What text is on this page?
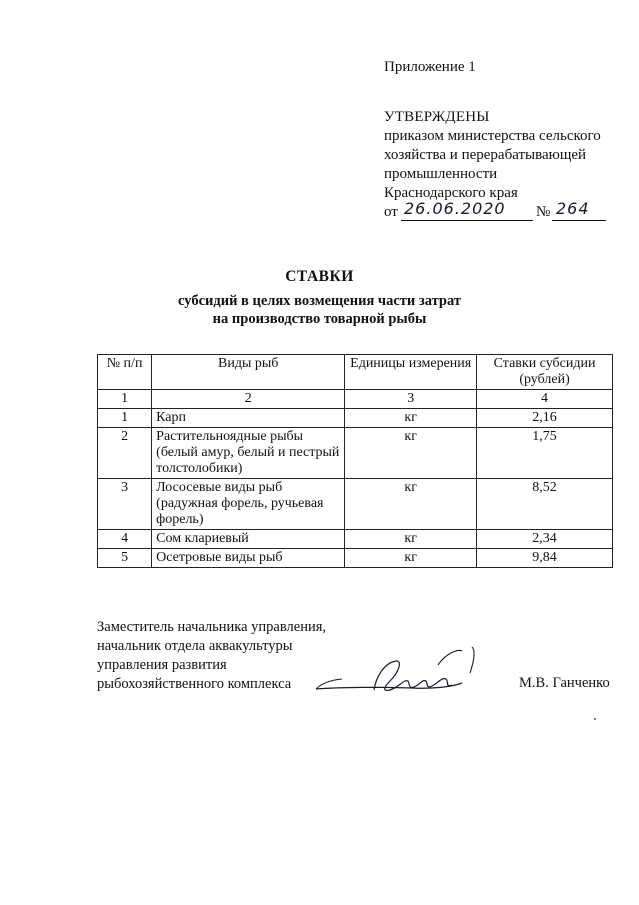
Приложение 1
УТВЕРЖДЕНЫ
приказом министерства сельского
хозяйства и перерабатывающей
промышленности
Краснодарского края
от 26.06.2020 № 264
СТАВКИ
субсидий в целях возмещения части затрат
на производство товарной рыбы
№ п/п	Виды рыб	Единицы измерения	Ставки субсидии (рублей)
1	2	3	4
1	Карп	кг	2,16
2	Растительноядные рыбы (белый амур, белый и пестрый толстолобики)	кг	1,75
3	Лососевые виды рыб (радужная форель, ручьевая форель)	кг	8,52
4	Сом клариевый	кг	2,34
5	Осетровые виды рыб	кг	9,84
Заместитель начальника управления,
начальник отдела аквакультуры
управления развития
рыбохозяйственного комплекса	М.В. Ганченко
